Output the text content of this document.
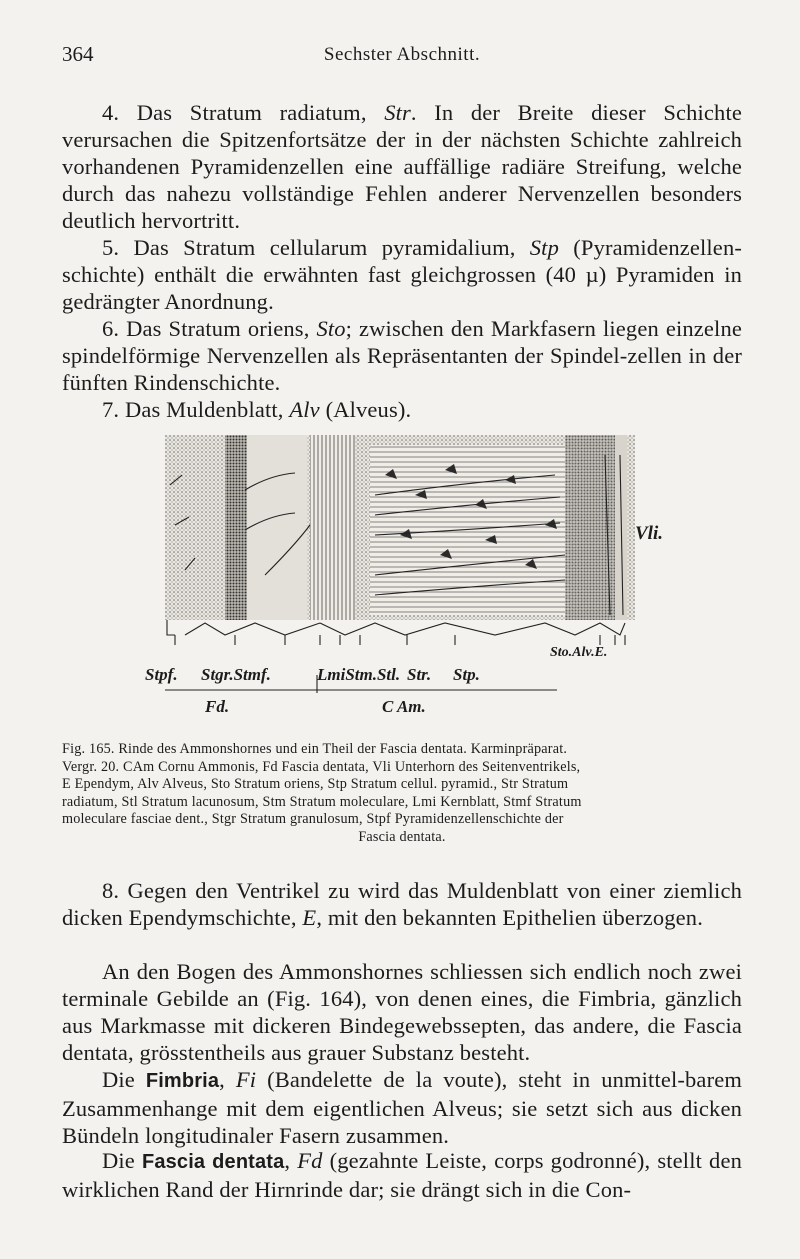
364	Sechster Abschnitt.

4. Das Stratum radiatum, Str. In der Breite dieser Schichte verursachen die Spitzenfortsätze der in der nächsten Schichte zahlreich vorhandenen Pyramidenzellen eine auffällige radiäre Streifung, welche durch das nahezu vollständige Fehlen anderer Nervenzellen besonders deutlich hervortritt.

5. Das Stratum cellularum pyramidalium, Stp (Pyramidenzellen-schichte) enthält die erwähnten fast gleichgrossen (40 µ) Pyramiden in gedrängter Anordnung.

6. Das Stratum oriens, Sto; zwischen den Markfasern liegen einzelne spindelförmige Nervenzellen als Repräsentanten der Spindel-zellen in der fünften Rindenschichte.

7. Das Muldenblatt, Alv (Alveus).

Vli.
Stpf. Stgr.Stmf.	LmiStm.Stl. Str. Stp.
Sto.Alv.E.
Fd.	C Am.

Fig. 165. Rinde des Ammonshornes und ein Theil der Fascia dentata. Karminpräparat.
Vergr. 20. CAm Cornu Ammonis, Fd Fascia dentata, Vli Unterhorn des Seitenventrikels,
E Ependym, Alv Alveus, Sto Stratum oriens, Stp Stratum cellul. pyramid., Str Stratum
radiatum, Stl Stratum lacunosum, Stm Stratum moleculare, Lmi Kernblatt, Stmf Stratum
moleculare fasciae dent., Stgr Stratum granulosum, Stpf Pyramidenzellenschichte der
Fascia dentata.

8. Gegen den Ventrikel zu wird das Muldenblatt von einer ziemlich dicken Ependymschichte, E, mit den bekannten Epithelien überzogen.

An den Bogen des Ammonshornes schliessen sich endlich noch zwei terminale Gebilde an (Fig. 164), von denen eines, die Fimbria, gänzlich aus Markmasse mit dickeren Bindegewebssepten, das andere, die Fascia dentata, grösstentheils aus grauer Substanz besteht.

Die Fimbria, Fi (Bandelette de la voute), steht in unmittel-barem Zusammenhange mit dem eigentlichen Alveus; sie setzt sich aus dicken Bündeln longitudinaler Fasern zusammen.

Die Fascia dentata, Fd (gezahnte Leiste, corps godronné), stellt den wirklichen Rand der Hirnrinde dar; sie drängt sich in die Con-
